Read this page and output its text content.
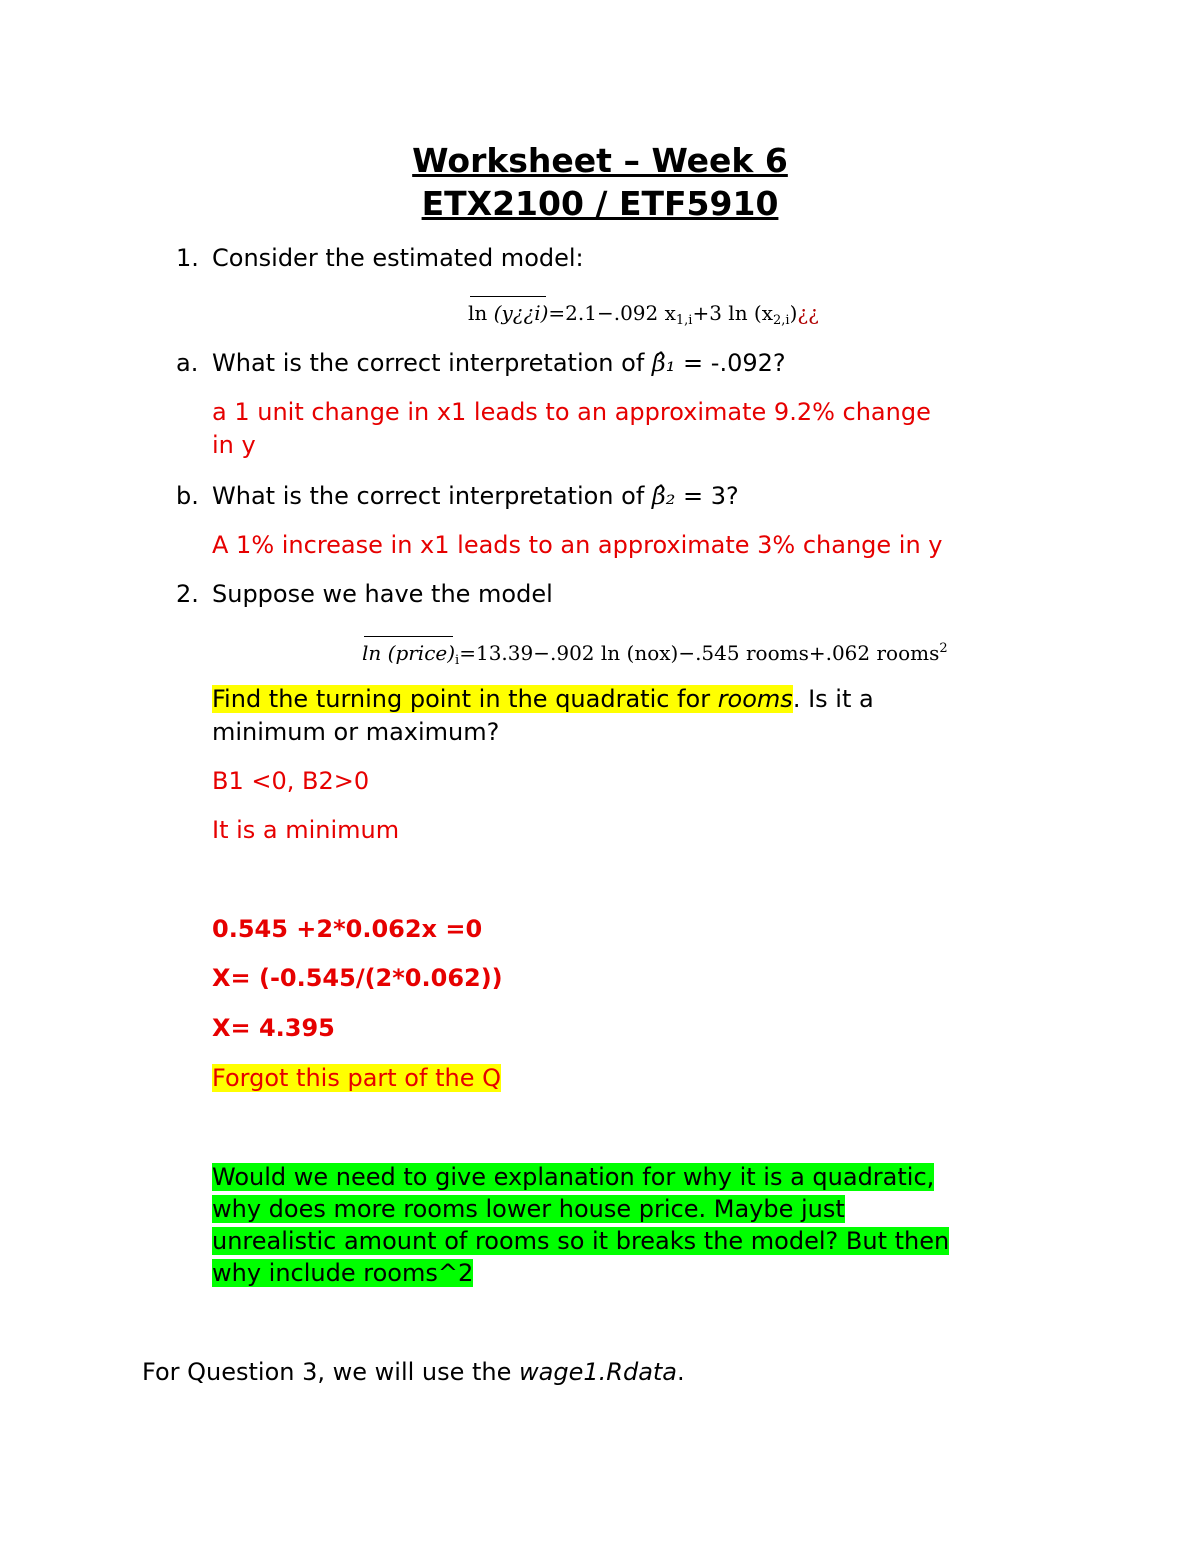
Worksheet – Week 6
ETX2100 / ETF5910
1. Consider the estimated model:
ln (y¿¿i)=2.1−.092 $x_{1,i}+3$ $\ln (x_{2,i})¿¿$
a. What is the correct interpretation of β̂₁ = -.092?
a 1 unit change in x1 leads to an approximate 9.2% change
in y
b. What is the correct interpretation of β̂₂ = 3?
A 1% increase in x1 leads to an approximate 3% change in y
2. Suppose we have the model
$\ln (price)_i=13.39-.902$ ln (nox)−.545 rooms+.062 rooms$^2$
Find the turning point in the quadratic for rooms. Is it a
minimum or maximum?
B1 <0, B2>0
It is a minimum
0.545 +2*0.062x =0
X= (-0.545/(2*0.062))
X= 4.395
Forgot this part of the Q
Would we need to give explanation for why it is a quadratic,
why does more rooms lower house price. Maybe just
unrealistic amount of rooms so it breaks the model? But then
why include rooms^2
For Question 3, we will use the wage1.Rdata.
